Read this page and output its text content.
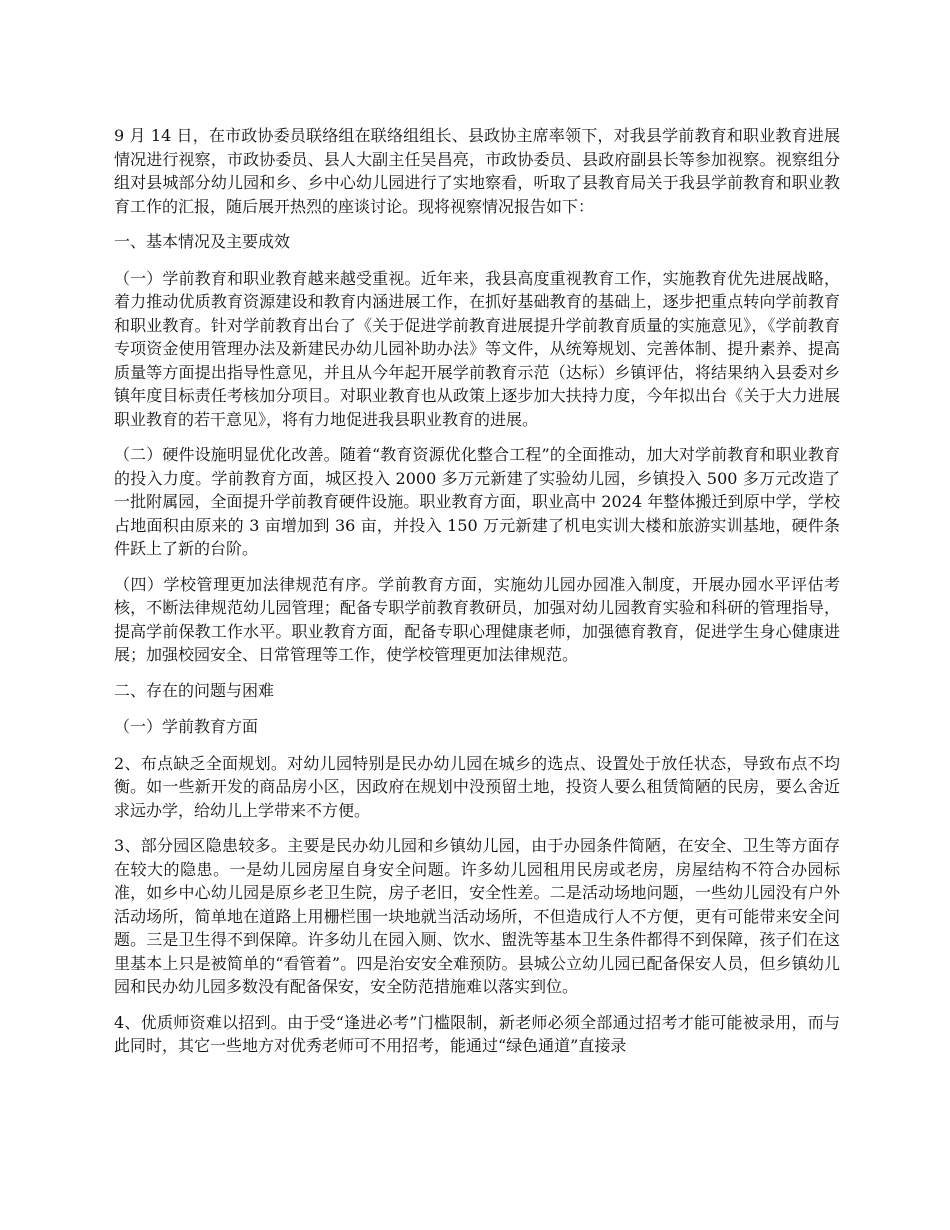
9 月 14 日，在市政协委员联络组在联络组组长、县政协主席率领下，对我县学前教育和职业教育进展情况进行视察，市政协委员、县人大副主任吴昌亮，市政协委员、县政府副县长等参加视察。视察组分组对县城部分幼儿园和乡、乡中心幼儿园进行了实地察看，听取了县教育局关于我县学前教育和职业教育工作的汇报，随后展开热烈的座谈讨论。现将视察情况报告如下：

一、基本情况及主要成效

（一）学前教育和职业教育越来越受重视。近年来，我县高度重视教育工作，实施教育优先进展战略，着力推动优质教育资源建设和教育内涵进展工作，在抓好基础教育的基础上，逐步把重点转向学前教育和职业教育。针对学前教育出台了《关于促进学前教育进展提升学前教育质量的实施意见》，《学前教育专项资金使用管理办法及新建民办幼儿园补助办法》等文件，从统筹规划、完善体制、提升素养、提高质量等方面提出指导性意见，并且从今年起开展学前教育示范（达标）乡镇评估，将结果纳入县委对乡镇年度目标责任考核加分项目。对职业教育也从政策上逐步加大扶持力度，今年拟出台《关于大力进展职业教育的若干意见》，将有力地促进我县职业教育的进展。

（二）硬件设施明显优化改善。随着“教育资源优化整合工程”的全面推动，加大对学前教育和职业教育的投入力度。学前教育方面，城区投入 2000 多万元新建了实验幼儿园，乡镇投入 500 多万元改造了一批附属园，全面提升学前教育硬件设施。职业教育方面，职业高中 2024 年整体搬迁到原中学，学校占地面积由原来的 3 亩增加到 36 亩，并投入 150 万元新建了机电实训大楼和旅游实训基地，硬件条件跃上了新的台阶。

（四）学校管理更加法律规范有序。学前教育方面，实施幼儿园办园准入制度，开展办园水平评估考核，不断法律规范幼儿园管理；配备专职学前教育教研员，加强对幼儿园教育实验和科研的管理指导，提高学前保教工作水平。职业教育方面，配备专职心理健康老师，加强德育教育，促进学生身心健康进展；加强校园安全、日常管理等工作，使学校管理更加法律规范。

二、存在的问题与困难

（一）学前教育方面

2、布点缺乏全面规划。对幼儿园特别是民办幼儿园在城乡的选点、设置处于放任状态，导致布点不均衡。如一些新开发的商品房小区，因政府在规划中没预留土地，投资人要么租赁简陋的民房，要么舍近求远办学，给幼儿上学带来不方便。

3、部分园区隐患较多。主要是民办幼儿园和乡镇幼儿园，由于办园条件简陋，在安全、卫生等方面存在较大的隐患。一是幼儿园房屋自身安全问题。许多幼儿园租用民房或老房，房屋结构不符合办园标准，如乡中心幼儿园是原乡老卫生院，房子老旧，安全性差。二是活动场地问题，一些幼儿园没有户外活动场所，简单地在道路上用栅栏围一块地就当活动场所，不但造成行人不方便，更有可能带来安全问题。三是卫生得不到保障。许多幼儿在园入厕、饮水、盥洗等基本卫生条件都得不到保障，孩子们在这里基本上只是被简单的“看管着”。四是治安安全难预防。县城公立幼儿园已配备保安人员，但乡镇幼儿园和民办幼儿园多数没有配备保安，安全防范措施难以落实到位。

4、优质师资难以招到。由于受“逢进必考”门槛限制，新老师必须全部通过招考才能可能被录用，而与此同时，其它一些地方对优秀老师可不用招考，能通过“绿色通道”直接录
